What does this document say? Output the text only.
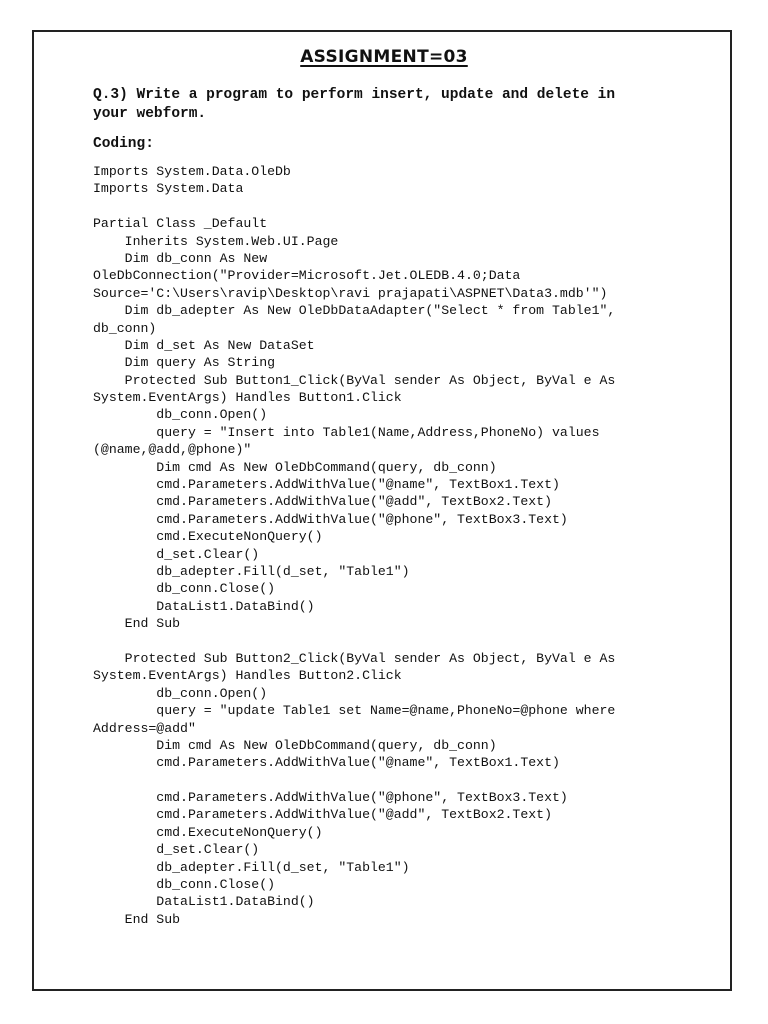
ASSIGNMENT=03
Q.3) Write a program to perform insert, update and delete in
your webform.
Coding:
Imports System.Data.OleDb
Imports System.Data
Partial Class _Default
Inherits System.Web.UI.Page
Dim db_conn As New
OleDbConnection("Provider=Microsoft.Jet.OLEDB.4.0;Data
Source='C:\Users\ravip\Desktop\ravi prajapati\ASPNET\Data3.mdb'")
Dim db_adepter As New OleDbDataAdapter("Select * from Table1",
db_conn)
Dim d_set As New DataSet
Dim query As String
Protected Sub Button1_Click(ByVal sender As Object, ByVal e As
System.EventArgs) Handles Button1.Click
db_conn.Open()
query = "Insert into Table1(Name,Address,PhoneNo) values
(@name,@add,@phone)"
Dim cmd As New OleDbCommand(query, db_conn)
cmd.Parameters.AddWithValue("@name", TextBox1.Text)
cmd.Parameters.AddWithValue("@add", TextBox2.Text)
cmd.Parameters.AddWithValue("@phone", TextBox3.Text)
cmd.ExecuteNonQuery()
d_set.Clear()
db_adepter.Fill(d_set, "Table1")
db_conn.Close()
DataList1.DataBind()
End Sub
Protected Sub Button2_Click(ByVal sender As Object, ByVal e As
System.EventArgs) Handles Button2.Click
db_conn.Open()
query = "update Table1 set Name=@name,PhoneNo=@phone where
Address=@add"
Dim cmd As New OleDbCommand(query, db_conn)
cmd.Parameters.AddWithValue("@name", TextBox1.Text)
cmd.Parameters.AddWithValue("@phone", TextBox3.Text)
cmd.Parameters.AddWithValue("@add", TextBox2.Text)
cmd.ExecuteNonQuery()
d_set.Clear()
db_adepter.Fill(d_set, "Table1")
db_conn.Close()
DataList1.DataBind()
End Sub
